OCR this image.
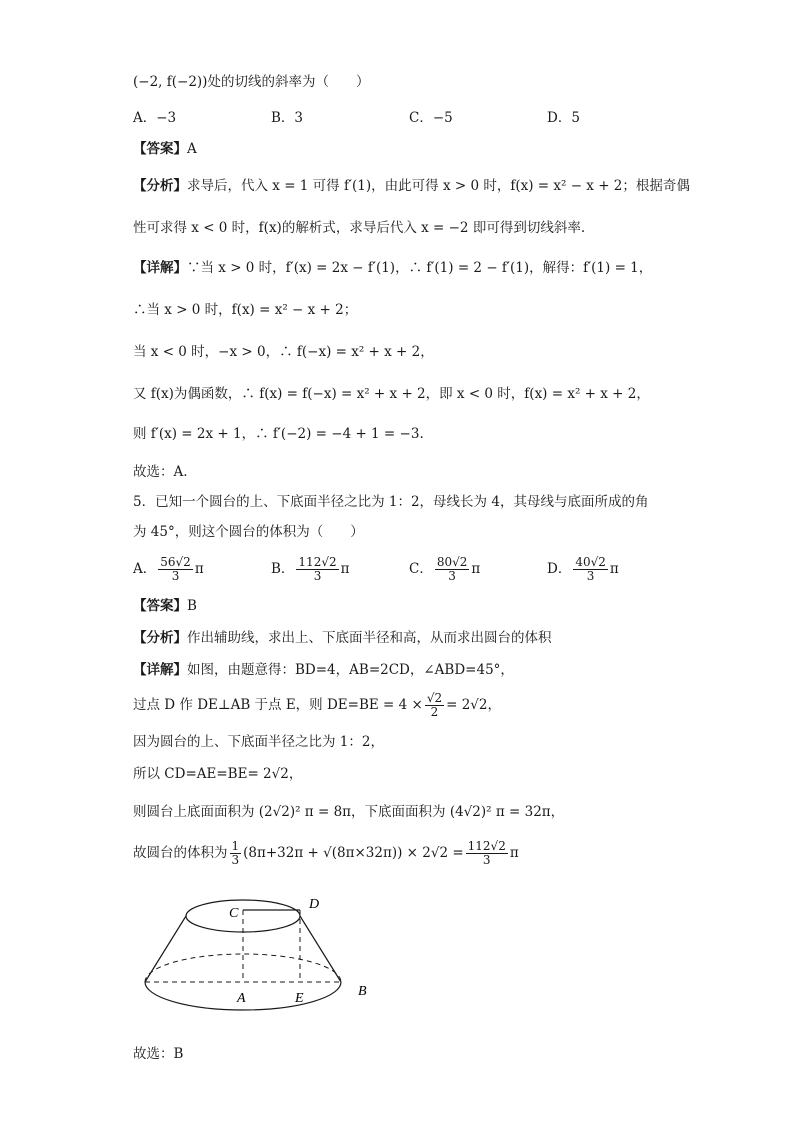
(−2, f(−2))处的切线的斜率为（　　）
A．−3	B．3	C．−5	D．5
【答案】A
【分析】求导后，代入 x = 1 可得 f′(1)，由此可得 x > 0 时，f(x) = x² − x + 2；根据奇偶
性可求得 x < 0 时，f(x)的解析式，求导后代入 x = −2 即可得到切线斜率.
【详解】∵当 x > 0 时，f′(x) = 2x − f′(1)，∴ f′(1) = 2 − f′(1)，解得：f′(1) = 1，
∴当 x > 0 时，f(x) = x² − x + 2；
当 x < 0 时，−x > 0，∴ f(−x) = x² + x + 2，
又 f(x)为偶函数，∴ f(x) = f(−x) = x² + x + 2，即 x < 0 时，f(x) = x² + x + 2，
则 f′(x) = 2x + 1，∴ f′(−2) = −4 + 1 = −3.
故选：A.
5．已知一个圆台的上、下底面半径之比为 1：2，母线长为 4，其母线与底面所成的角
为 45°，则这个圆台的体积为（　　）
A． $\frac{56√2}{3}$ π	B． $\frac{112√2}{3}$ π	C． $\frac{80√2}{3}$ π	D． $\frac{40√2}{3}$ π
【答案】B
【分析】作出辅助线，求出上、下底面半径和高，从而求出圆台的体积
【详解】如图，由题意得：BD=4，AB=2CD，∠ABD=45°，
过点 D 作 DE⊥AB 于点 E，则 $DE=BE = 4 \times \frac{√2}{2} = 2√2$，
因为圆台的上、下底面半径之比为 1：2，
所以 CD=AE=BE= 2√2，
则圆台上底面面积为 (2√2)² π = 8π，下底面面积为 (4√2)² π = 32π，
故圆台的体积为 $\frac{1}{3} (8\pi+32\pi + √(8\pi\times 32\pi)) \times 2√2 = \frac{112√2}{3}$ π
C
D
A	E	B
故选：B
